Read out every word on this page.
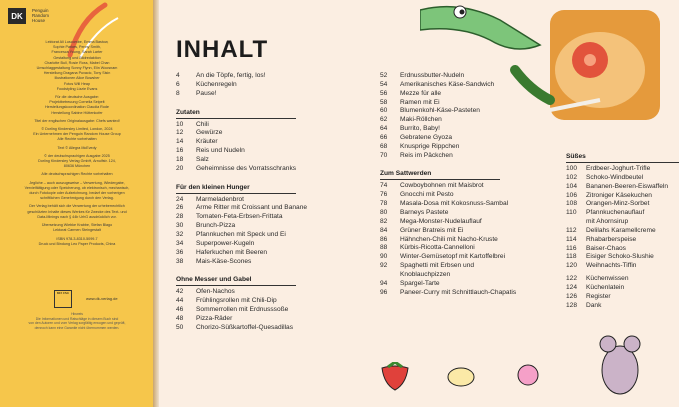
DK
Penguin Random House
Lektorat Ali Luscombe, Emma Bastow,
Sophie Parkes, Penny Smith,
Francesca Young, Sarah Larter
Gestaltung und Bildredaktion
Charlotte Bull, Rosie Ross, Mabel Chan
Umschlaggestaltung Sonny Flynn, Elin Woosnam
Herstellung Dragana Puvacic, Tony Sisin
Illustrationen Alice Bowsher
Fotos Will Heap
Foodstyling Lizzie Evans
Für die deutsche Ausgabe:
Projektbetreuung Cornelia Seipelt
Herstellungskoordination Claudia Rode
Herstellung Sabine Hüttenkofer
Titel der englischen Originalausgabe: Chefs wanted!
© Dorling Kindersley Limited, London, 2024
Ein Unternehmen der Penguin Random House Group
Alle Rechte vorbehalten
Text © Allegra McEvedy
© der deutschsprachigen Ausgabe 2025
Dorling Kindersley Verlag GmbH, Arnulfstr. 124,
80636 München
Alle deutschsprachigen Rechte vorbehalten
Jegliche – auch auszugsweise – Verwertung, Wiedergabe,
Vervielfältigung oder Speicherung, ob elektronisch, mechanisch,
durch Fotokopie oder Aufzeichnung, bedarf der vorherigen
schriftlichen Genehmigung durch den Verlag.
Der Verlag behält sich die Verwertung der urheberrechtlich
geschützten Inhalte dieses Werkes für Zwecke des Text- und
Data-Minings nach § 44b UrhG ausdrücklich vor.
Übersetzung Wiebke Krabbe, Stefan Blago
Lektorat Carmen Steingestalt
ISBN 978-3-8310-5099-7
Druck und Bindung Leo Paper Products, China
MIX FSC
www.dk-verlag.de
Hinweis
Die Informationen und Ratschläge in diesem Buch sind
von den Autoren und vom Verlag sorgfältig erwogen und geprüft,
dennoch kann eine Garantie nicht übernommen werden.
INHALT
4	An die Töpfe, fertig, los!
6	Küchenregeln
8	Pause!
Zutaten
10	Chili
12	Gewürze
14	Kräuter
16	Reis und Nudeln
18	Salz
20	Geheimnisse des Vorratsschranks
Für den kleinen Hunger
24	Marmeladenbrot
26	Arme Ritter mit Croissant und Banane
28	Tomaten-Feta-Erbsen-Frittata
30	Brunch-Pizza
32	Pfannkuchen mit Speck und Ei
34	Superpower-Kugeln
36	Haferkuchen mit Beeren
38	Mais-Käse-Scones
Ohne Messer und Gabel
42	Ofen-Nachos
44	Frühlingsrollen mit Chili-Dip
46	Sommerrollen mit Erdnusssoße
48	Pizza-Räder
50	Chorizo-Süßkartoffel-Quesadillas
52	Erdnussbutter-Nudeln
54	Amerikanisches Käse-Sandwich
56	Mezze für alle
58	Ramen mit Ei
60	Blumenkohl-Käse-Pasteten
62	Maki-Röllchen
64	Burrito, Baby!
66	Gebratene Gyoza
68	Knusprige Rippchen
70	Reis im Päckchen
Zum Sattwerden
74	Cowboybohnen mit Maisbrot
76	Gnocchi mit Pesto
78	Masala-Dosa mit Kokosnuss-Sambal
80	Barneys Pastete
82	Mega-Monster-Nudelauflauf
84	Grüner Bratreis mit Ei
86	Hähnchen-Chili mit Nacho-Kruste
88	Kürbis-Ricotta-Cannelloni
90	Winter-Gemüsetopf mit Kartoffelbrei
92	Spaghetti mit Erbsen und
Knoblauchpizzen
94	Spargel-Tarte
96	Paneer-Curry mit Schnittlauch-Chapatis
Süßes
100	Erdbeer-Joghurt-Trifle
102	Schoko-Windbeutel
104	Bananen-Beeren-Eiswaffeln
106	Zitroniger Käsekuchen
108	Orangen-Minz-Sorbet
110	Pfannkuchenauflauf
mit Ahornsirup
112	Delilahs Karamellcreme
114	Rhabarberspeise
116	Baiser-Chaos
118	Eisiger Schoko-Slushie
120	Weihnachts-Tiffin
122	Küchenwissen
124	Küchenlatein
126	Register
128	Dank
